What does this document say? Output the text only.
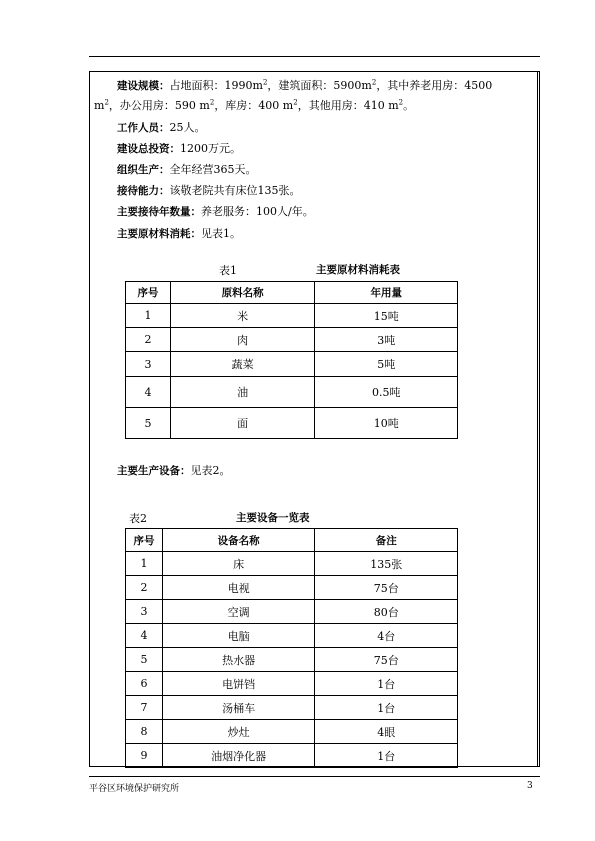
建设规模：占地面积：$1990m^2$，建筑面积：$5900m^2$，其中养老用房：4500
$m^2$，办公用房：590 $m^2$，库房：400 $m^2$，其他用房：410 $m^2$。
工作人员：25人。
建设总投资：1200万元。
组织生产：全年经营365天。
接待能力：该敬老院共有床位135张。
主要接待年数量：养老服务：100人/年。
主要原材料消耗：见表1。
表1	主要原材料消耗表
序号	原料名称	年用量
1	米	15吨
2	肉	3吨
3	蔬菜	5吨
4	油	0.5吨
5	面	10吨
主要生产设备：见表2。
表2	主要设备一览表
序号	设备名称	备注
1	床	135张
2	电视	75台
3	空调	80台
4	电脑	4台
5	热水器	75台
6	电饼铛	1台
7	汤桶车	1台
8	炒灶	4眼
9	油烟净化器	1台
平谷区环境保护研究所	3
